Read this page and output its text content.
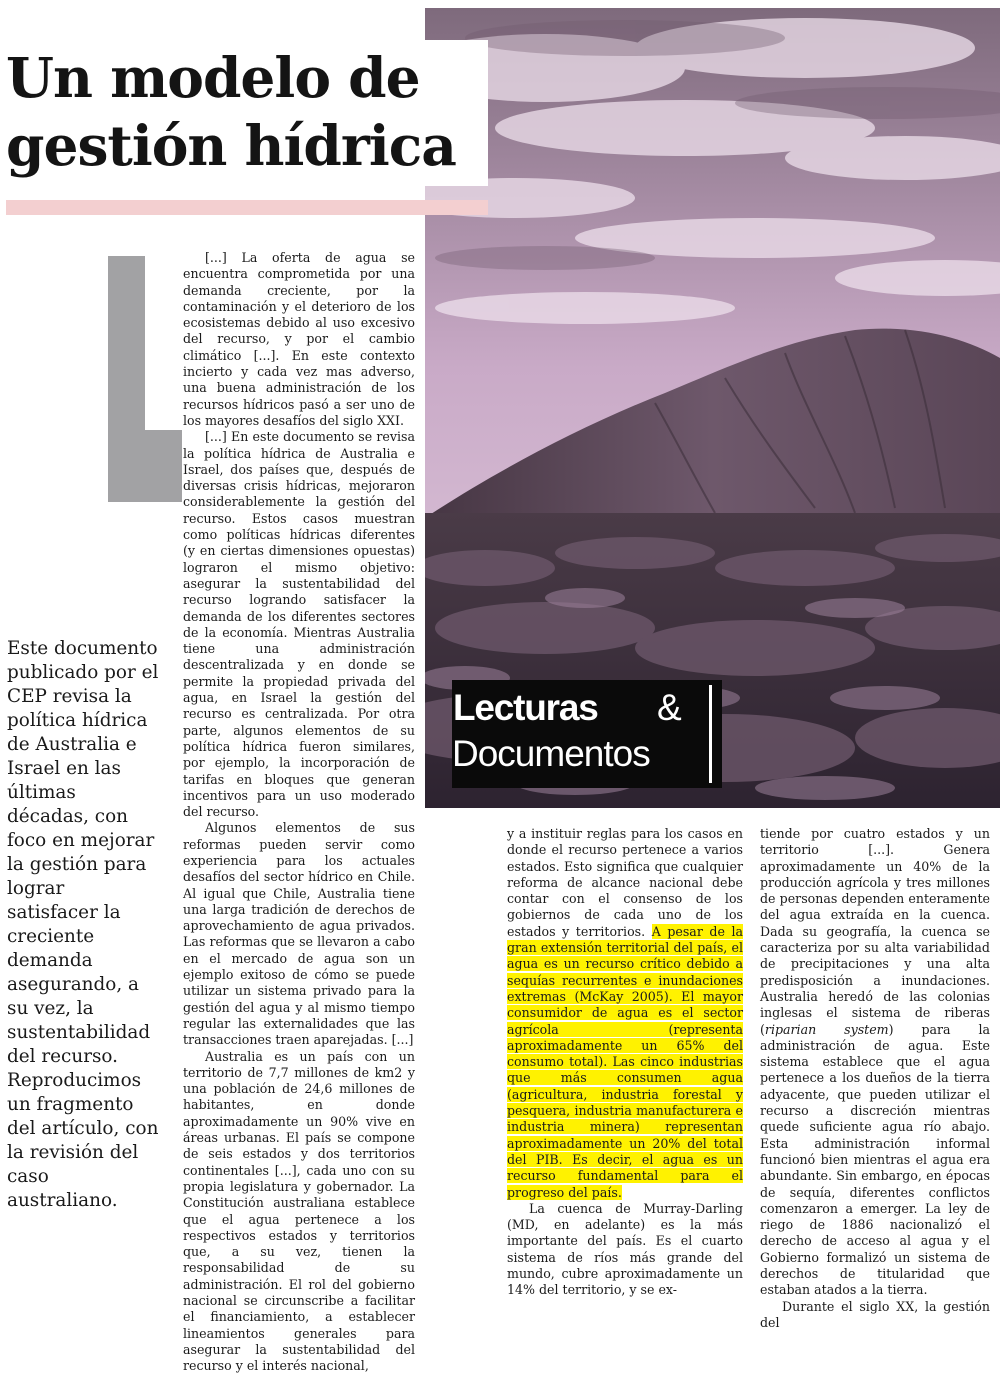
Un modelo de
gestión hídrica

[...] La oferta de agua se encuentra comprometida por una demanda creciente, por la contaminación y el deterioro de los ecosistemas debido al uso excesivo del recurso, y por el cambio climático [...]. En este contexto incierto y cada vez mas adverso, una buena administración de los recursos hídricos pasó a ser uno de los mayores desafíos del siglo XXI.

[...] En este documento se revisa la política hídrica de Australia e Israel, dos países que, después de diversas crisis hídricas, mejoraron considerablemente la gestión del recurso. Estos casos muestran como políticas hídricas diferentes (y en ciertas dimensiones opuestas) lograron el mismo objetivo: asegurar la sustentabilidad del recurso logrando satisfacer la demanda de los diferentes sectores de la economía. Mientras Australia tiene una administración descentralizada y en donde se permite la propiedad privada del agua, en Israel la gestión del recurso es centralizada. Por otra parte, algunos elementos de su política hídrica fueron similares, por ejemplo, la incorporación de tarifas en bloques que generan incentivos para un uso moderado del recurso.

Algunos elementos de sus reformas pueden servir como experiencia para los actuales desafíos del sector hídrico en Chile. Al igual que Chile, Australia tiene una larga tradición de derechos de aprovechamiento de agua privados. Las reformas que se llevaron a cabo en el mercado de agua son un ejemplo exitoso de cómo se puede utilizar un sistema privado para la gestión del agua y al mismo tiempo regular las externalidades que las transacciones traen aparejadas. [...]

Australia es un país con un territorio de 7,7 millones de km2 y una población de 24,6 millones de habitantes, en donde aproximadamente un 90% vive en áreas urbanas. El país se compone de seis estados y dos territorios continentales [...], cada uno con su propia legislatura y gobernador. La Constitución australiana establece que el agua pertenece a los respectivos estados y territorios que, a su vez, tienen la responsabilidad de su administración. El rol del gobierno nacional se circunscribe a facilitar el financiamiento, a establecer lineamientos generales para asegurar la sustentabilidad del recurso y el interés nacional,

Este documento publicado por el CEP revisa la política hídrica de Australia e Israel en las últimas décadas, con foco en mejorar la gestión para lograr satisfacer la creciente demanda asegurando, a su vez, la sustentabilidad del recurso. Reproducimos un fragmento del artículo, con la revisión del caso australiano.

Lecturas &
Documentos

y a instituir reglas para los casos en donde el recurso pertenece a varios estados. Esto significa que cualquier reforma de alcance nacional debe contar con el consenso de los gobiernos de cada uno de los estados y territorios. A pesar de la gran extensión territorial del país, el agua es un recurso crítico debido a sequías recurrentes e inundaciones extremas (McKay 2005). El mayor consumidor de agua es el sector agrícola (representa aproximadamente un 65% del consumo total). Las cinco industrias que más consumen agua (agricultura, industria forestal y pesquera, industria manufacturera e industria minera) representan aproximadamente un 20% del total del PIB. Es decir, el agua es un recurso fundamental para el progreso del país.

La cuenca de Murray-Darling (MD, en adelante) es la más importante del país. Es el cuarto sistema de ríos más grande del mundo, cubre aproximadamente un 14% del territorio, y se ex-

tiende por cuatro estados y un territorio [...]. Genera aproximadamente un 40% de la producción agrícola y tres millones de personas dependen enteramente del agua extraída en la cuenca. Dada su geografía, la cuenca se caracteriza por su alta variabilidad de precipitaciones y una alta predisposición a inundaciones. Australia heredó de las colonias inglesas el sistema de riberas (riparian system) para la administración de agua. Este sistema establece que el agua pertenece a los dueños de la tierra adyacente, que pueden utilizar el recurso a discreción mientras quede suficiente agua río abajo. Esta administración informal funcionó bien mientras el agua era abundante. Sin embargo, en épocas de sequía, diferentes conflictos comenzaron a emerger. La ley de riego de 1886 nacionalizó el derecho de acceso al agua y el Gobierno formalizó un sistema de derechos de titularidad que estaban atados a la tierra.

Durante el siglo XX, la gestión del
